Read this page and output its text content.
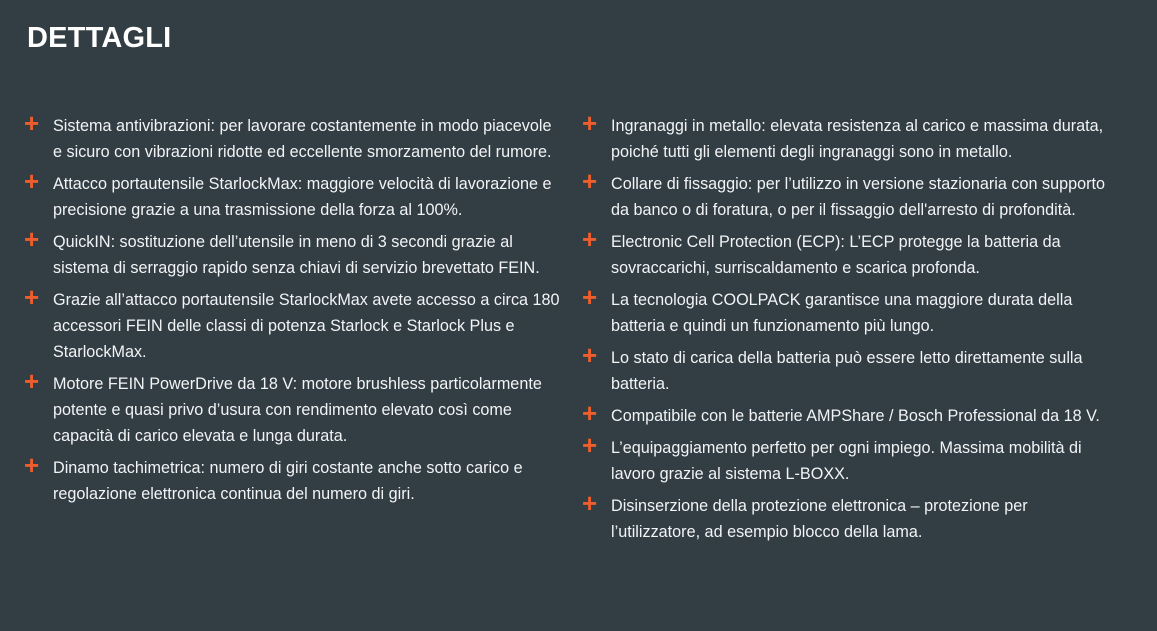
DETTAGLI
+ Sistema antivibrazioni: per lavorare costantemente in modo piacevole e sicuro con vibrazioni ridotte ed eccellente smorzamento del rumore.
+ Attacco portautensile StarlockMax: maggiore velocità di lavorazione e precisione grazie a una trasmissione della forza al 100%.
+ QuickIN: sostituzione dell’utensile in meno di 3 secondi grazie al sistema di serraggio rapido senza chiavi di servizio brevettato FEIN.
+ Grazie all’attacco portautensile StarlockMax avete accesso a circa 180 accessori FEIN delle classi di potenza Starlock e Starlock Plus e StarlockMax.
+ Motore FEIN PowerDrive da 18 V: motore brushless particolarmente potente e quasi privo d’usura con rendimento elevato così come capacità di carico elevata e lunga durata.
+ Dinamo tachimetrica: numero di giri costante anche sotto carico e regolazione elettronica continua del numero di giri.
+ Ingranaggi in metallo: elevata resistenza al carico e massima durata, poiché tutti gli elementi degli ingranaggi sono in metallo.
+ Collare di fissaggio: per l’utilizzo in versione stazionaria con supporto da banco o di foratura, o per il fissaggio dell'arresto di profondità.
+ Electronic Cell Protection (ECP): L’ECP protegge la batteria da sovraccarichi, surriscaldamento e scarica profonda.
+ La tecnologia COOLPACK garantisce una maggiore durata della batteria e quindi un funzionamento più lungo.
+ Lo stato di carica della batteria può essere letto direttamente sulla batteria.
+ Compatibile con le batterie AMPShare / Bosch Professional da 18 V.
+ L’equipaggiamento perfetto per ogni impiego. Massima mobilità di lavoro grazie al sistema L-BOXX.
+ Disinserzione della protezione elettronica – protezione per l’utilizzatore, ad esempio blocco della lama.
